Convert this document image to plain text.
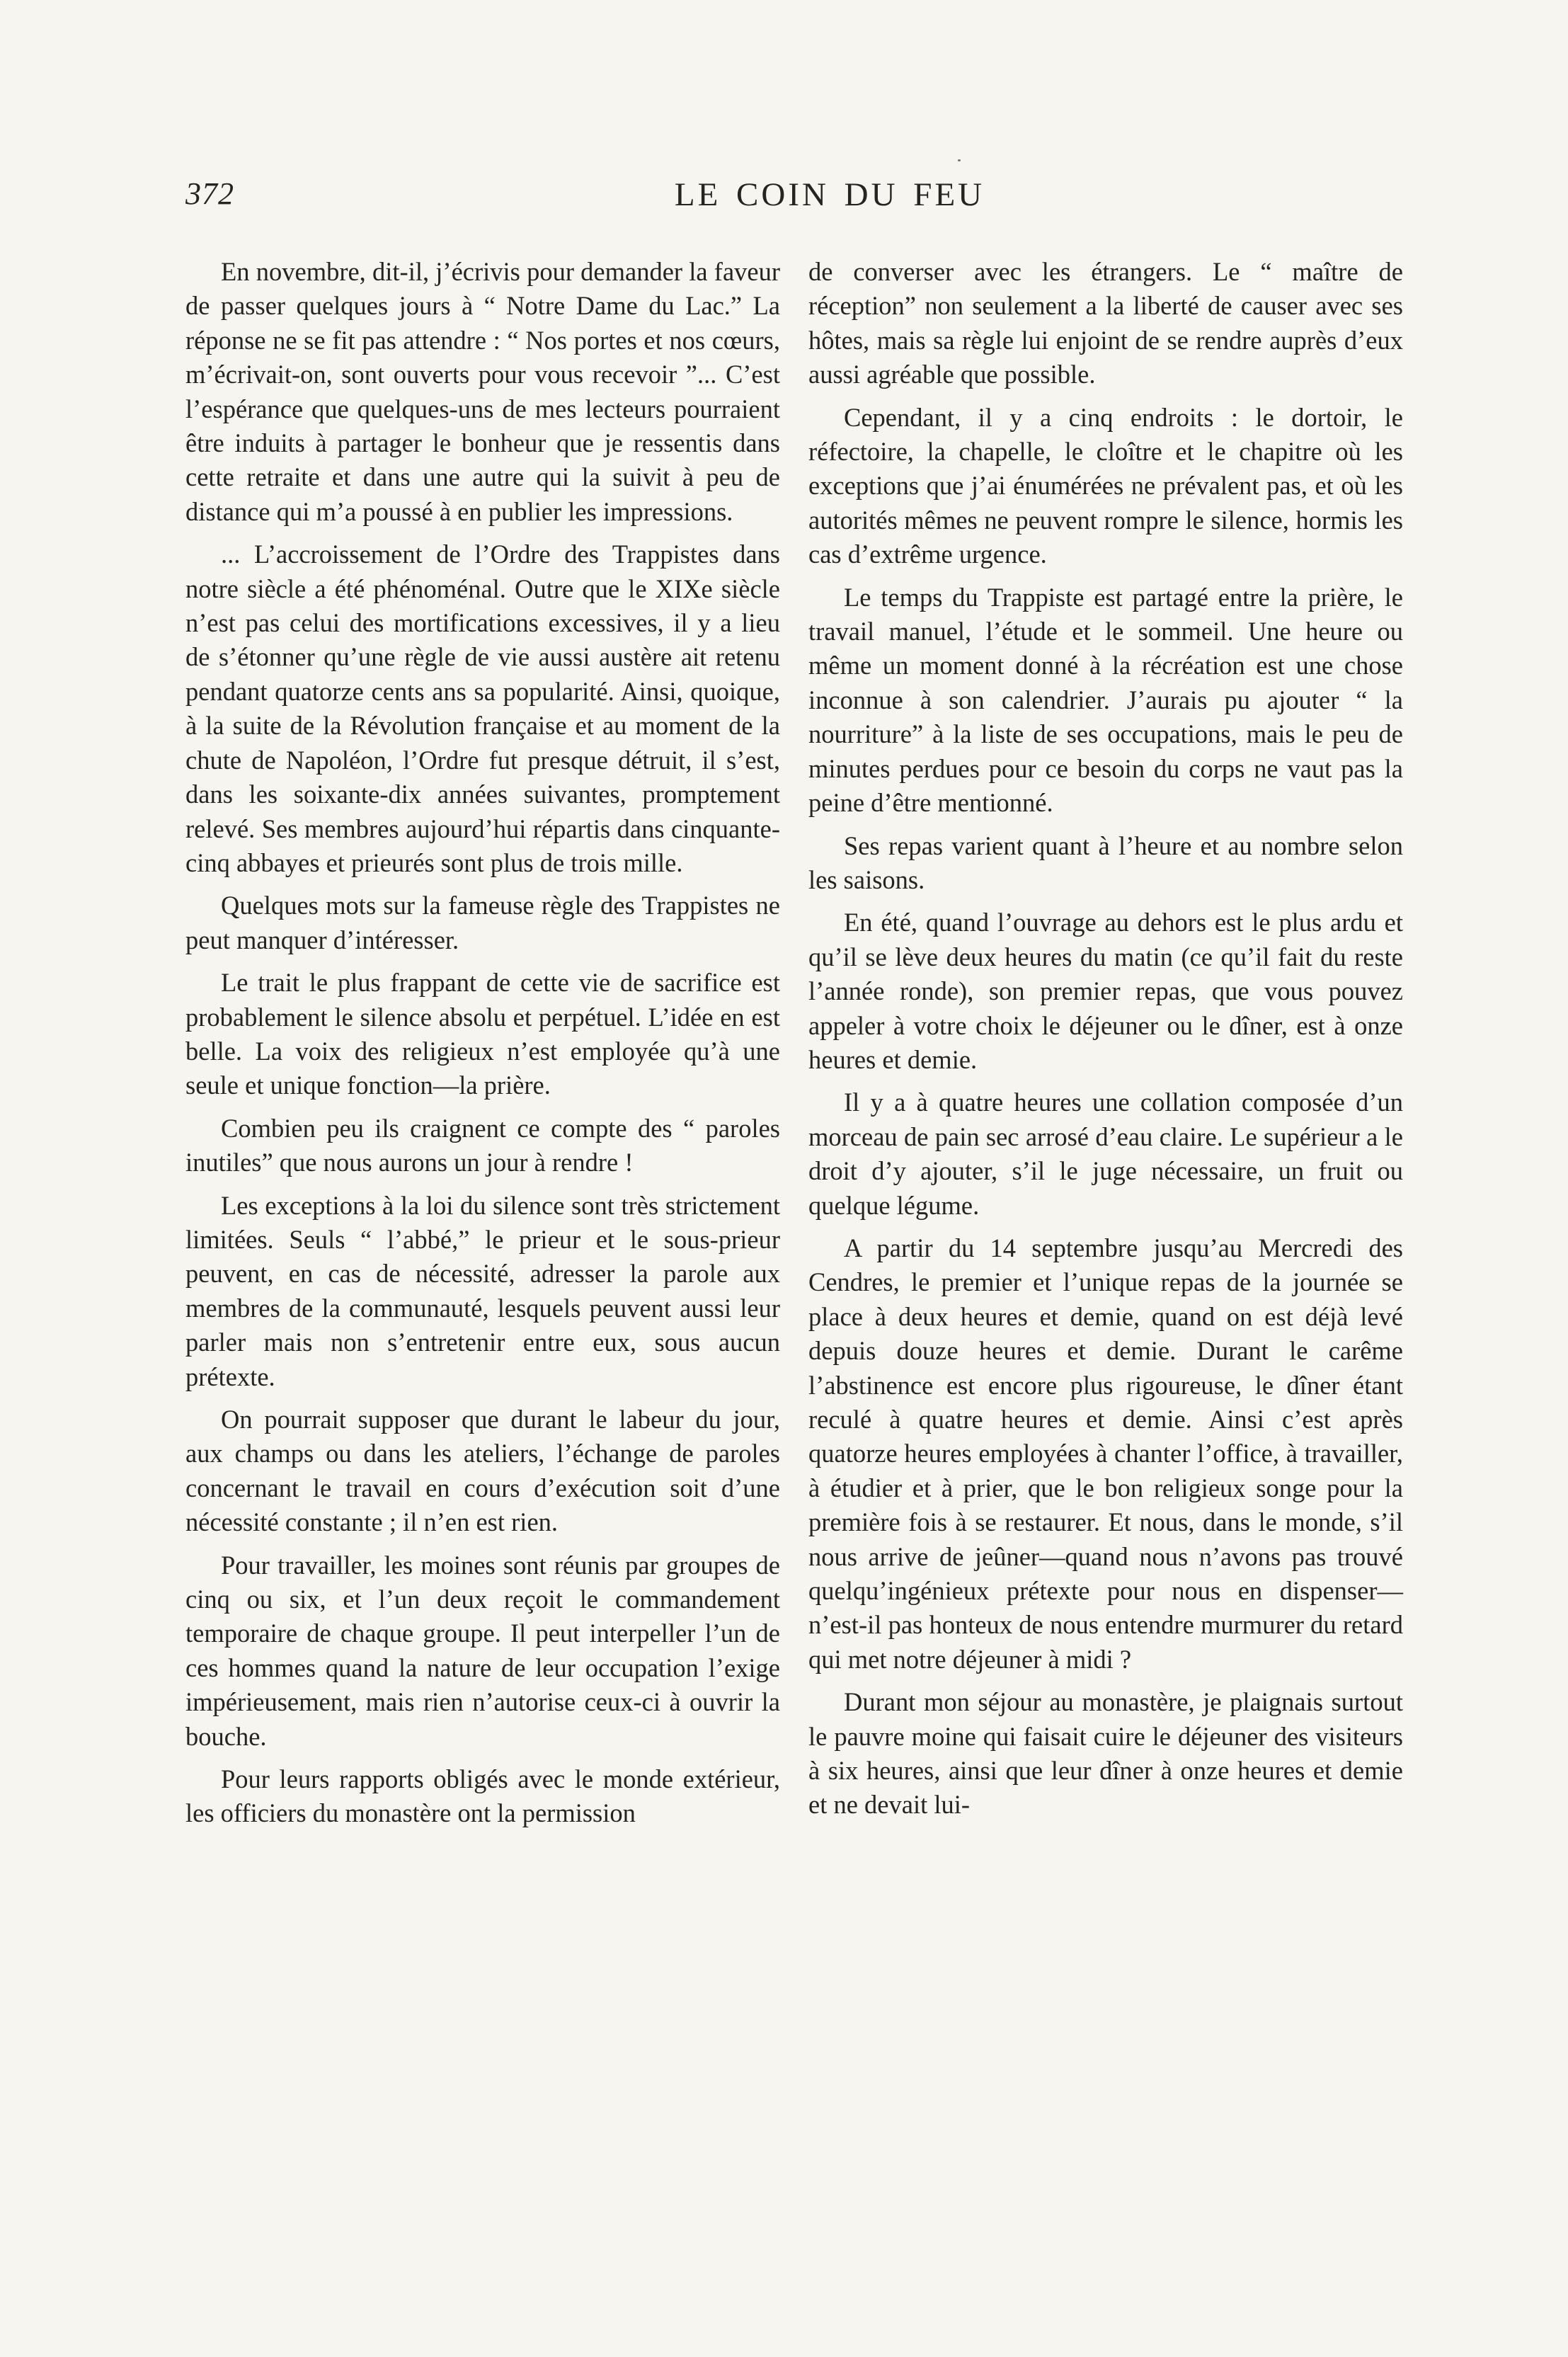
372	LE COIN DU FEU

En novembre, dit-il, j’écrivis pour demander la faveur de passer quelques jours à “ Notre Dame du Lac.” La réponse ne se fit pas attendre : “ Nos portes et nos cœurs, m’écrivait-on, sont ouverts pour vous recevoir ”... C’est l’espérance que quelques-uns de mes lecteurs pourraient être induits à partager le bonheur que je ressentis dans cette retraite et dans une autre qui la suivit à peu de distance qui m’a poussé à en publier les impressions.

... L’accroissement de l’Ordre des Trappistes dans notre siècle a été phénoménal. Outre que le XIXe siècle n’est pas celui des mortifications excessives, il y a lieu de s’étonner qu’une règle de vie aussi austère ait retenu pendant quatorze cents ans sa popularité. Ainsi, quoique, à la suite de la Révolution française et au moment de la chute de Napoléon, l’Ordre fut presque détruit, il s’est, dans les soixante-dix années suivantes, promptement relevé. Ses membres aujourd’hui répartis dans cinquante-cinq abbayes et prieurés sont plus de trois mille.

Quelques mots sur la fameuse règle des Trappistes ne peut manquer d’intéresser.

Le trait le plus frappant de cette vie de sacrifice est probablement le silence absolu et perpétuel. L’idée en est belle. La voix des religieux n’est employée qu’à une seule et unique fonction—la prière.

Combien peu ils craignent ce compte des “ paroles inutiles” que nous aurons un jour à rendre !

Les exceptions à la loi du silence sont très strictement limitées. Seuls “ l’abbé,” le prieur et le sous-prieur peuvent, en cas de nécessité, adresser la parole aux membres de la communauté, lesquels peuvent aussi leur parler mais non s’entretenir entre eux, sous aucun prétexte.

On pourrait supposer que durant le labeur du jour, aux champs ou dans les ateliers, l’échange de paroles concernant le travail en cours d’exécution soit d’une nécessité constante ; il n’en est rien.

Pour travailler, les moines sont réunis par groupes de cinq ou six, et l’un deux reçoit le commandement temporaire de chaque groupe. Il peut interpeller l’un de ces hommes quand la nature de leur occupation l’exige impérieusement, mais rien n’autorise ceux-ci à ouvrir la bouche.

Pour leurs rapports obligés avec le monde extérieur, les officiers du monastère ont la permission

de converser avec les étrangers. Le “ maître de réception” non seulement a la liberté de causer avec ses hôtes, mais sa règle lui enjoint de se rendre auprès d’eux aussi agréable que possible.

Cependant, il y a cinq endroits : le dortoir, le réfectoire, la chapelle, le cloître et le chapitre où les exceptions que j’ai énumérées ne prévalent pas, et où les autorités mêmes ne peuvent rompre le silence, hormis les cas d’extrême urgence.

Le temps du Trappiste est partagé entre la prière, le travail manuel, l’étude et le sommeil. Une heure ou même un moment donné à la récréation est une chose inconnue à son calendrier. J’aurais pu ajouter “ la nourriture” à la liste de ses occupations, mais le peu de minutes perdues pour ce besoin du corps ne vaut pas la peine d’être mentionné.

Ses repas varient quant à l’heure et au nombre selon les saisons.

En été, quand l’ouvrage au dehors est le plus ardu et qu’il se lève deux heures du matin (ce qu’il fait du reste l’année ronde), son premier repas, que vous pouvez appeler à votre choix le déjeuner ou le dîner, est à onze heures et demie.

Il y a à quatre heures une collation composée d’un morceau de pain sec arrosé d’eau claire. Le supérieur a le droit d’y ajouter, s’il le juge nécessaire, un fruit ou quelque légume.

A partir du 14 septembre jusqu’au Mercredi des Cendres, le premier et l’unique repas de la journée se place à deux heures et demie, quand on est déjà levé depuis douze heures et demie. Durant le carême l’abstinence est encore plus rigoureuse, le dîner étant reculé à quatre heures et demie. Ainsi c’est après quatorze heures employées à chanter l’office, à travailler, à étudier et à prier, que le bon religieux songe pour la première fois à se restaurer. Et nous, dans le monde, s’il nous arrive de jeûner—quand nous n’avons pas trouvé quelqu’ingénieux prétexte pour nous en dispenser—n’est-il pas honteux de nous entendre murmurer du retard qui met notre déjeuner à midi ?

Durant mon séjour au monastère, je plaignais surtout le pauvre moine qui faisait cuire le déjeuner des visiteurs à six heures, ainsi que leur dîner à onze heures et demie et ne devait lui-
